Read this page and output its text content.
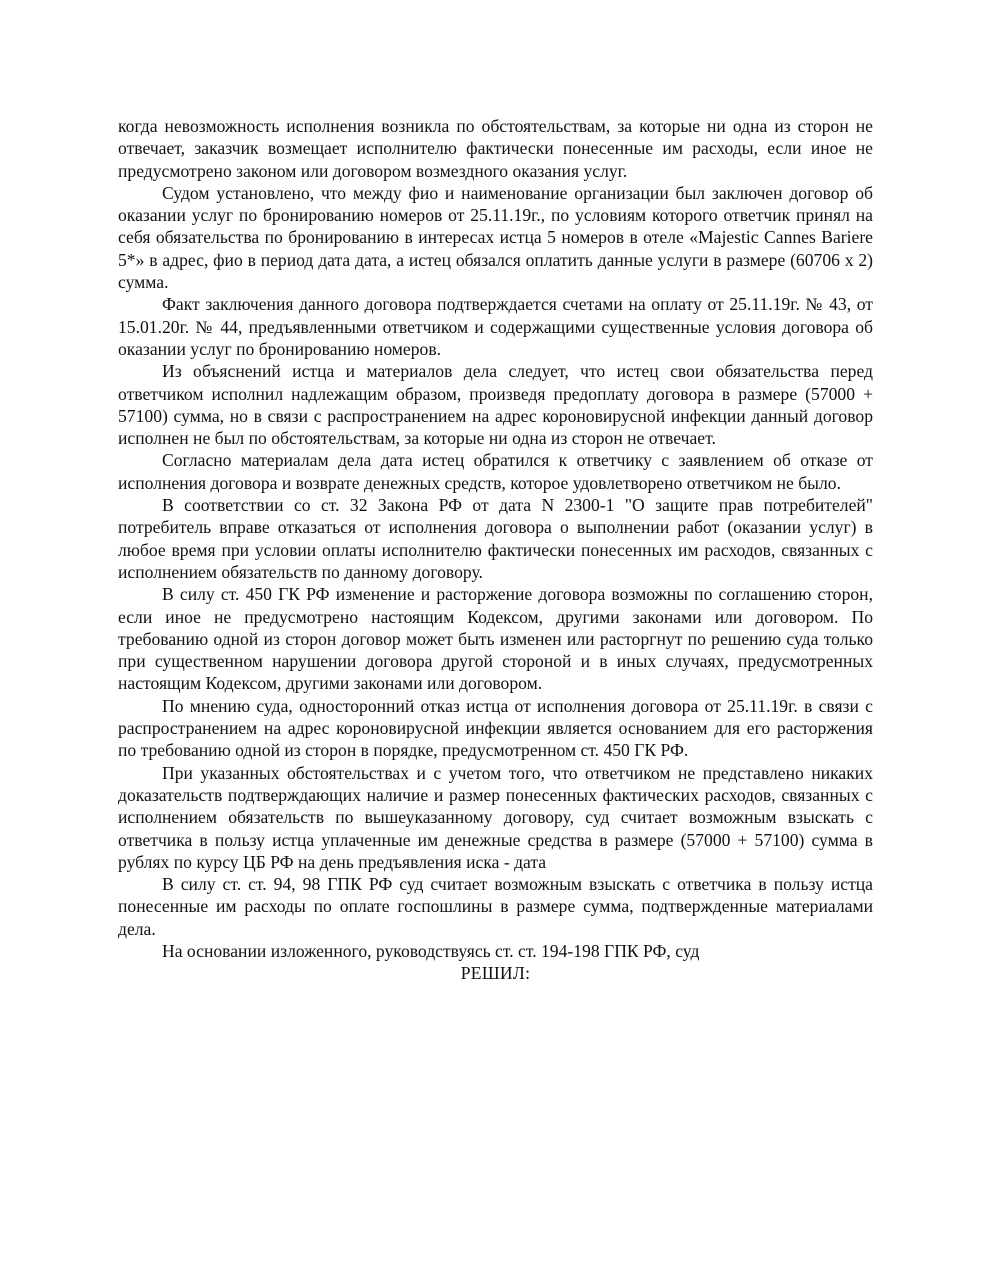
когда невозможность исполнения возникла по обстоятельствам, за которые ни одна из сторон не отвечает, заказчик возмещает исполнителю фактически понесенные им расходы, если иное не предусмотрено законом или договором возмездного оказания услуг.

Судом установлено, что между фио и наименование организации был заключен договор об оказании услуг по бронированию номеров от 25.11.19г., по условиям которого ответчик принял на себя обязательства по бронированию в интересах истца 5 номеров в отеле «Majestic Cannes Bariere 5*» в адрес, фио в период дата дата, а истец обязался оплатить данные услуги в размере (60706 х 2) сумма.

Факт заключения данного договора подтверждается счетами на оплату от 25.11.19г. № 43, от 15.01.20г. № 44, предъявленными ответчиком и содержащими существенные условия договора об оказании услуг по бронированию номеров.

Из объяснений истца и материалов дела следует, что истец свои обязательства перед ответчиком исполнил надлежащим образом, произведя предоплату договора в размере (57000 + 57100) сумма, но в связи с распространением на адрес короновирусной инфекции данный договор исполнен не был по обстоятельствам, за которые ни одна из сторон не отвечает.

Согласно материалам дела дата истец обратился к ответчику с заявлением об отказе от исполнения договора и возврате денежных средств, которое удовлетворено ответчиком не было.

В соответствии со ст. 32 Закона РФ от дата N 2300-1 "О защите прав потребителей" потребитель вправе отказаться от исполнения договора о выполнении работ (оказании услуг) в любое время при условии оплаты исполнителю фактически понесенных им расходов, связанных с исполнением обязательств по данному договору.

В силу ст. 450 ГК РФ изменение и расторжение договора возможны по соглашению сторон, если иное не предусмотрено настоящим Кодексом, другими законами или договором. По требованию одной из сторон договор может быть изменен или расторгнут по решению суда только при существенном нарушении договора другой стороной и в иных случаях, предусмотренных настоящим Кодексом, другими законами или договором.

По мнению суда, односторонний отказ истца от исполнения договора от 25.11.19г. в связи с распространением на адрес короновирусной инфекции является основанием для его расторжения по требованию одной из сторон в порядке, предусмотренном ст. 450 ГК РФ.

При указанных обстоятельствах и с учетом того, что ответчиком не представлено никаких доказательств подтверждающих наличие и размер понесенных фактических расходов, связанных с исполнением обязательств по вышеуказанному договору, суд считает возможным взыскать с ответчика в пользу истца уплаченные им денежные средства в размере (57000 + 57100) сумма в рублях по курсу ЦБ РФ на день предъявления иска - дата

В силу ст. ст. 94, 98 ГПК РФ суд считает возможным взыскать с ответчика в пользу истца понесенные им расходы по оплате госпошлины в размере сумма, подтвержденные материалами дела.

На основании изложенного, руководствуясь ст. ст. 194-198 ГПК РФ, суд

РЕШИЛ:
